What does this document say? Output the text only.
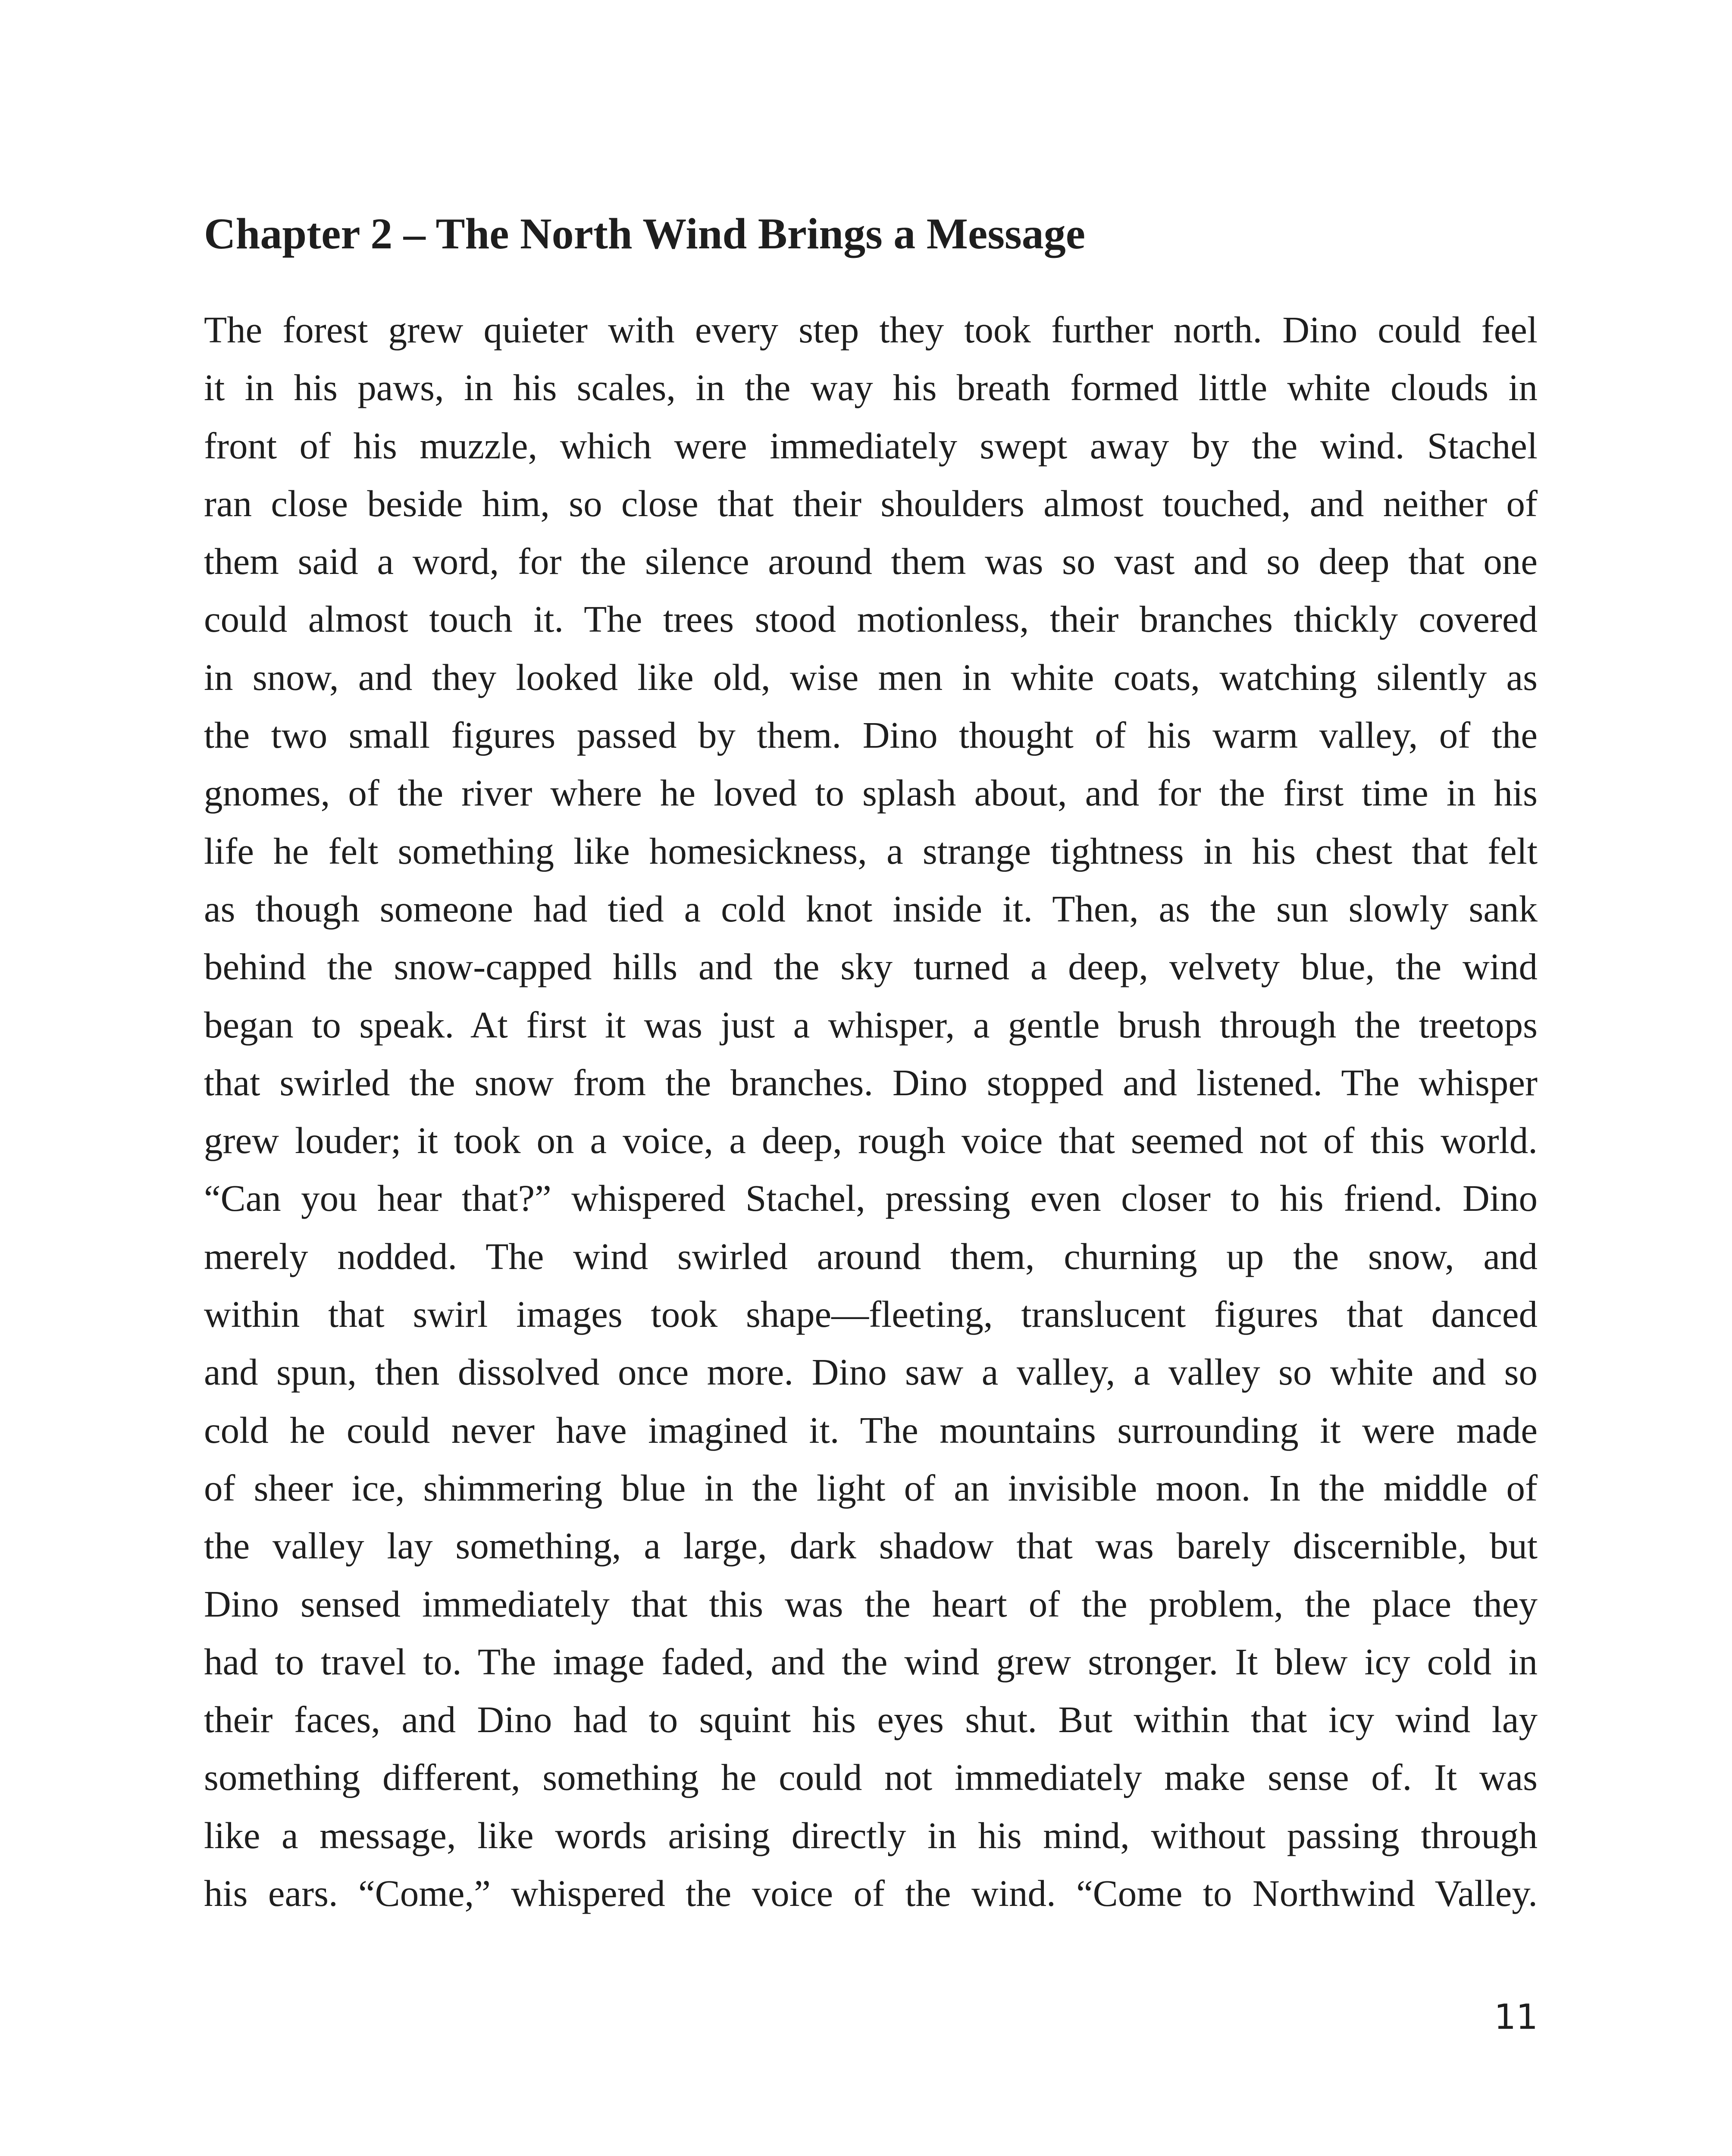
Chapter 2 – The North Wind Brings a Message
The forest grew quieter with every step they took further north. Dino could feel
it in his paws, in his scales, in the way his breath formed little white clouds in
front of his muzzle, which were immediately swept away by the wind. Stachel
ran close beside him, so close that their shoulders almost touched, and neither of
them said a word, for the silence around them was so vast and so deep that one
could almost touch it. The trees stood motionless, their branches thickly covered
in snow, and they looked like old, wise men in white coats, watching silently as
the two small figures passed by them. Dino thought of his warm valley, of the
gnomes, of the river where he loved to splash about, and for the first time in his
life he felt something like homesickness, a strange tightness in his chest that felt
as though someone had tied a cold knot inside it. Then, as the sun slowly sank
behind the snow-capped hills and the sky turned a deep, velvety blue, the wind
began to speak. At first it was just a whisper, a gentle brush through the treetops
that swirled the snow from the branches. Dino stopped and listened. The whisper
grew louder; it took on a voice, a deep, rough voice that seemed not of this world.
“Can you hear that?” whispered Stachel, pressing even closer to his friend. Dino
merely nodded. The wind swirled around them, churning up the snow, and
within that swirl images took shape—fleeting, translucent figures that danced
and spun, then dissolved once more. Dino saw a valley, a valley so white and so
cold he could never have imagined it. The mountains surrounding it were made
of sheer ice, shimmering blue in the light of an invisible moon. In the middle of
the valley lay something, a large, dark shadow that was barely discernible, but
Dino sensed immediately that this was the heart of the problem, the place they
had to travel to. The image faded, and the wind grew stronger. It blew icy cold in
their faces, and Dino had to squint his eyes shut. But within that icy wind lay
something different, something he could not immediately make sense of. It was
like a message, like words arising directly in his mind, without passing through
his ears. “Come,” whispered the voice of the wind. “Come to Northwind Valley.
11
